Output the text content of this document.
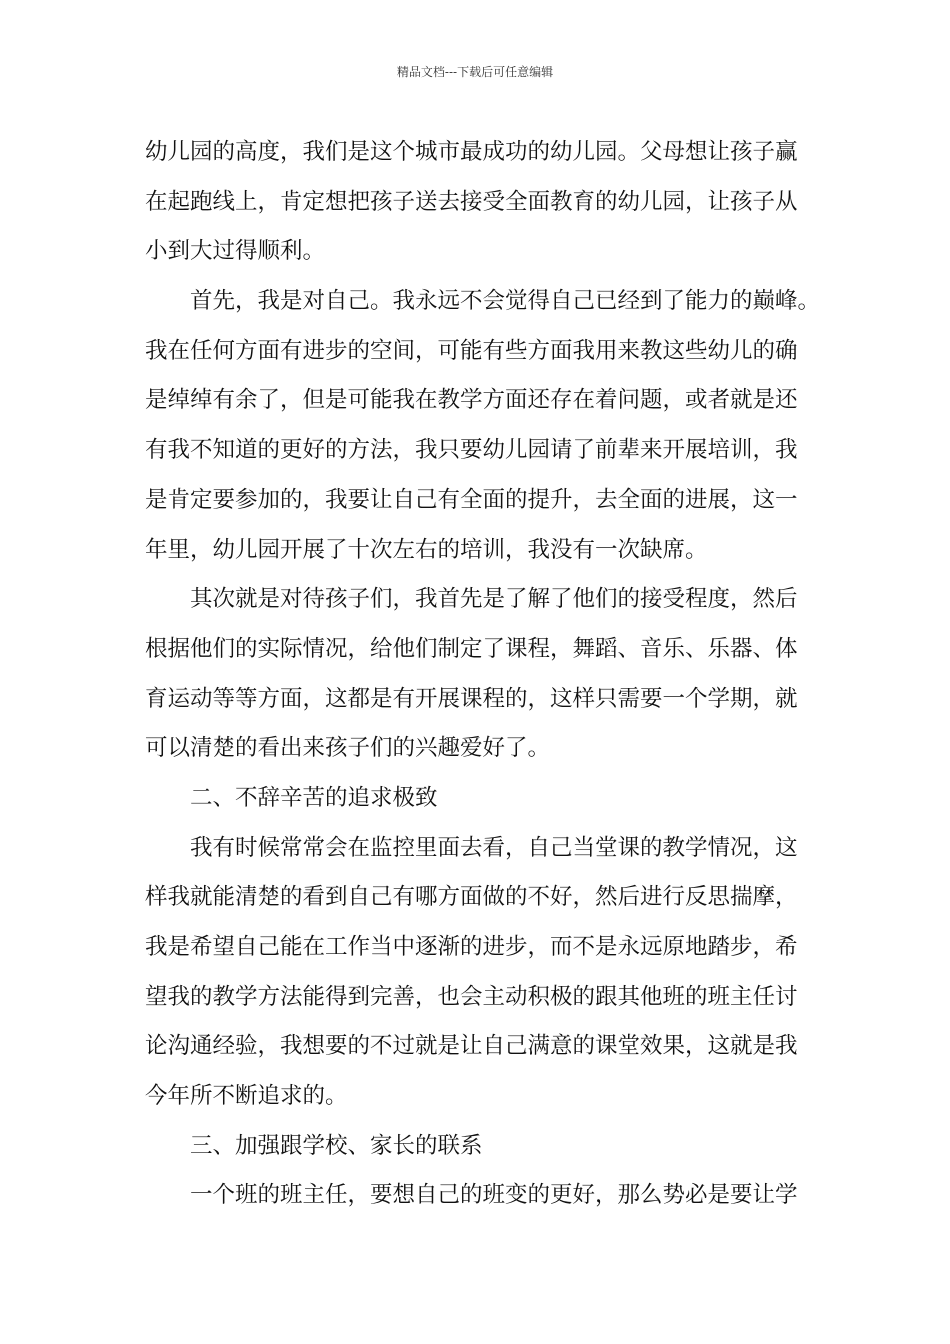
精品文档---下载后可任意编辑
幼儿园的高度，我们是这个城市最成功的幼儿园。父母想让孩子赢
在起跑线上，肯定想把孩子送去接受全面教育的幼儿园，让孩子从
小到大过得顺利。
首先，我是对自己。我永远不会觉得自己已经到了能力的巅峰。
我在任何方面有进步的空间，可能有些方面我用来教这些幼儿的确
是绰绰有余了，但是可能我在教学方面还存在着问题，或者就是还
有我不知道的更好的方法，我只要幼儿园请了前辈来开展培训，我
是肯定要参加的，我要让自己有全面的提升，去全面的进展，这一
年里，幼儿园开展了十次左右的培训，我没有一次缺席。
其次就是对待孩子们，我首先是了解了他们的接受程度，然后
根据他们的实际情况，给他们制定了课程，舞蹈、音乐、乐器、体
育运动等等方面，这都是有开展课程的，这样只需要一个学期，就
可以清楚的看出来孩子们的兴趣爱好了。
二、不辞辛苦的追求极致
我有时候常常会在监控里面去看，自己当堂课的教学情况，这
样我就能清楚的看到自己有哪方面做的不好，然后进行反思揣摩，
我是希望自己能在工作当中逐渐的进步，而不是永远原地踏步，希
望我的教学方法能得到完善，也会主动积极的跟其他班的班主任讨
论沟通经验，我想要的不过就是让自己满意的课堂效果，这就是我
今年所不断追求的。
三、加强跟学校、家长的联系
一个班的班主任，要想自己的班变的更好，那么势必是要让学
